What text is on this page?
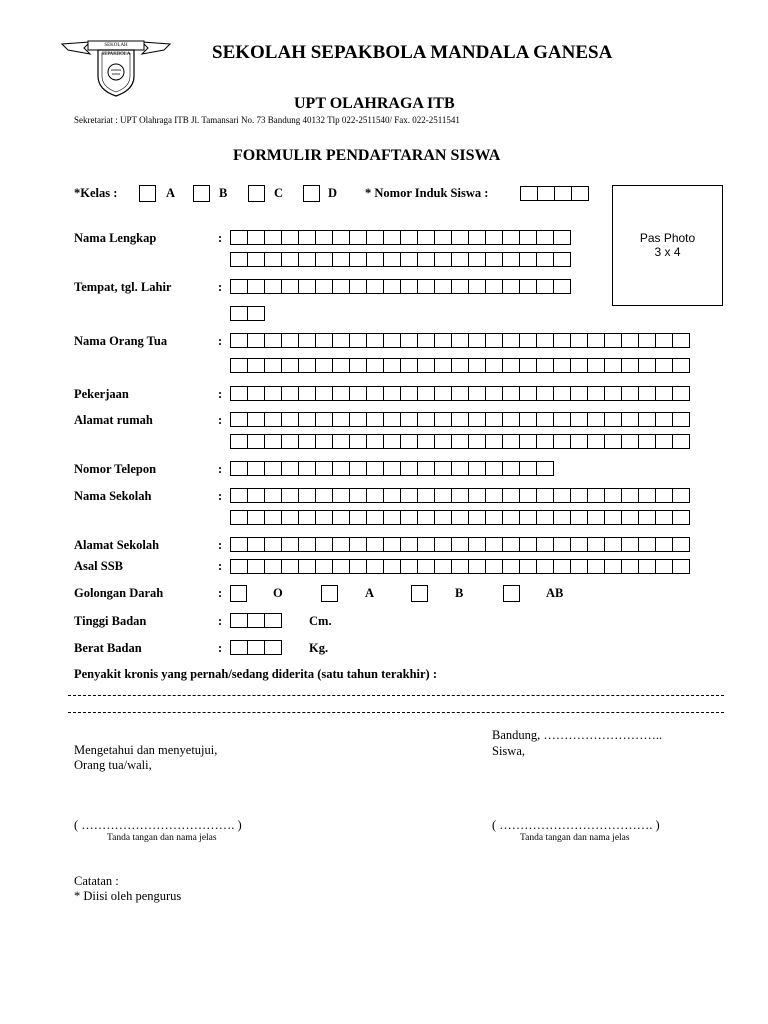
SEKOLAH SEPAKBOLA	SEKOLAH SEPAKBOLA MANDALA GANESA
UPT OLAHRAGA ITB
Sekretariat : UPT Olahraga ITB Jl. Tamansari No. 73 Bandung 40132 Tlp 022-2511540/ Fax. 022-2511541
FORMULIR PENDAFTARAN SISWA
*Kelas :	A	B	C	D * Nomor Induk Siswa :
Pas Photo
3 x 4
Nama Lengkap	:
Tempat, tgl. Lahir	:
Nama Orang Tua	:
Pekerjaan	:
Alamat rumah	:
Nomor Telepon	:
Nama Sekolah	:
Alamat Sekolah	:
Asal SSB	:
Golongan Darah	:	O	A	B	AB
Tinggi Badan	:	Cm.
Berat Badan	:	Kg.
Penyakit kronis yang pernah/sedang diderita (satu tahun terakhir) :
Bandung, ………………………..
Siswa,
Mengetahui dan menyetujui,
Orang tua/wali,
( ………………………………. )
Tanda tangan dan nama jelas
( ………………………………. )
Tanda tangan dan nama jelas
Catatan :
* Diisi oleh pengurus
